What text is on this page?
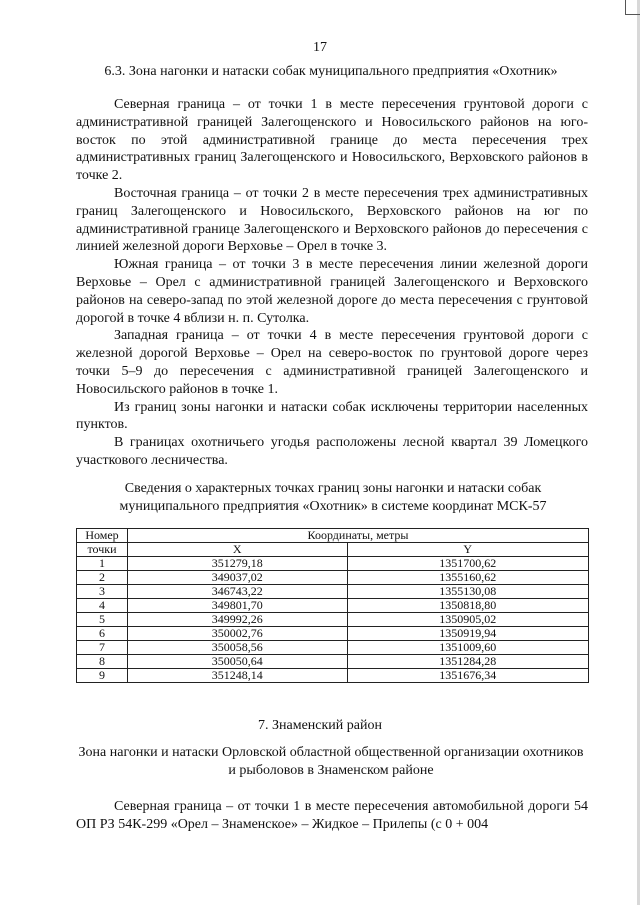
17
6.3. Зона нагонки и натаски собак муниципального предприятия «Охотник»

Северная граница – от точки 1 в месте пересечения грунтовой дороги с административной границей Залегощенского и Новосильского районов на юго-восток по этой административной границе до места пересечения трех административных границ Залегощенского и Новосильского, Верховского районов в точке 2.

Восточная граница – от точки 2 в месте пересечения трех административных границ Залегощенского и Новосильского, Верховского районов на юг по административной границе Залегощенского и Верховского районов до пересечения с линией железной дороги Верховье – Орел в точке 3.

Южная граница – от точки 3 в месте пересечения линии железной дороги Верховье – Орел с административной границей Залегощенского и Верховского районов на северо-запад по этой железной дороге до места пересечения с грунтовой дорогой в точке 4 вблизи н. п. Сутолка.

Западная граница – от точки 4 в месте пересечения грунтовой дороги с железной дорогой Верховье – Орел на северо-восток по грунтовой дороге через точки 5–9 до пересечения с административной границей Залегощенского и Новосильского районов в точке 1.

Из границ зоны нагонки и натаски собак исключены территории населенных пунктов.

В границах охотничьего угодья расположены лесной квартал 39 Ломецкого участкового лесничества.

Сведения о характерных точках границ зоны нагонки и натаски собак муниципального предприятия «Охотник» в системе координат МСК-57
Номер	Координаты, метры	
точки	X	Y
1	351279,18	1351700,62
2	349037,02	1355160,62
3	346743,22	1355130,08
4	349801,70	1350818,80
5	349992,26	1350905,02
6	350002,76	1350919,94
7	350058,56	1351009,60
8	350050,64	1351284,28
9	351248,14	1351676,34
7. Знаменский район
Зона нагонки и натаски Орловской областной общественной организации охотников и рыболовов в Знаменском районе

Северная граница – от точки 1 в месте пересечения автомобильной дороги 54 ОП РЗ 54К-299 «Орел – Знаменское» – Жидкое – Прилепы (с 0 + 004
